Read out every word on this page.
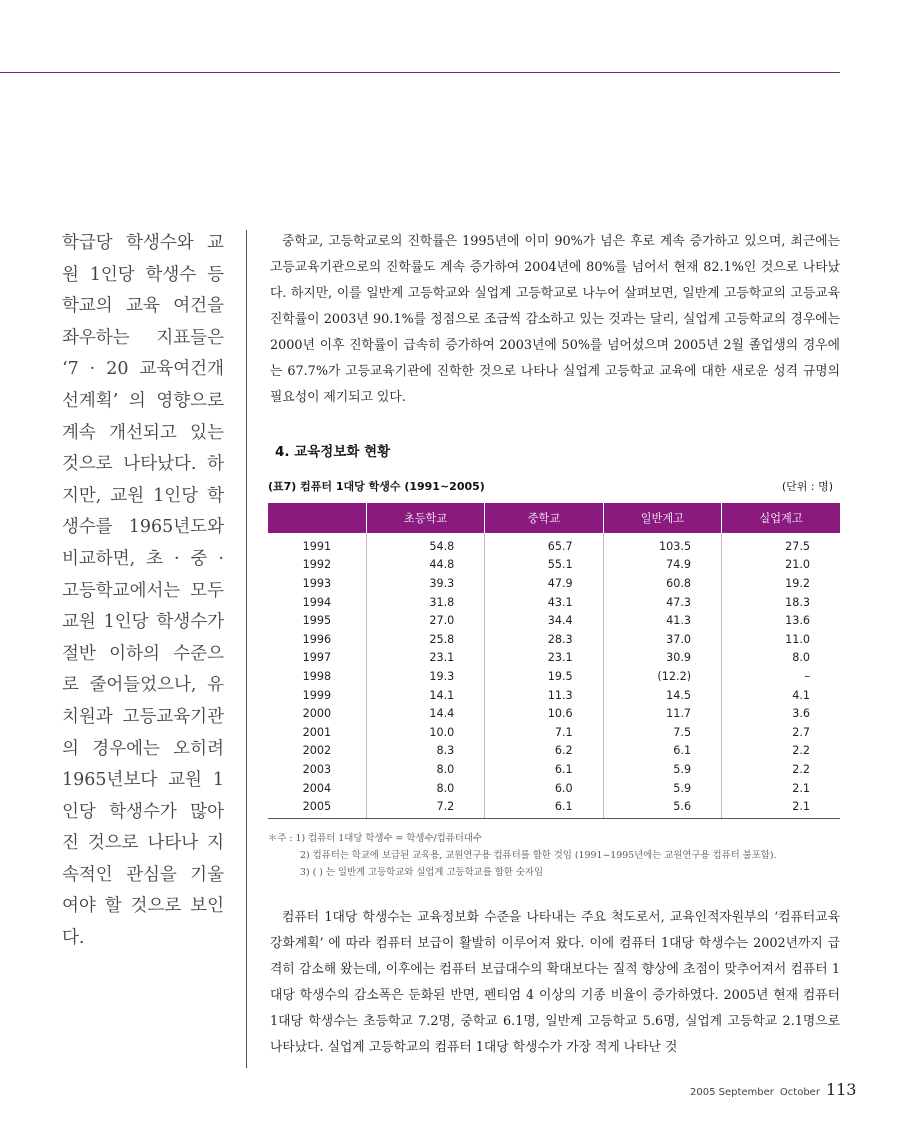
학급당 학생수와 교원 1인당 학생수 등 학교의 교육 여건을 좌우하는 지표들은 ‘7 · 20 교육여건개선계획’ 의 영향으로 계속 개선되고 있는 것으로 나타났다. 하지만, 교원 1인당 학생수를 1965년도와 비교하면, 초 · 중 · 고등학교에서는 모두 교원 1인당 학생수가 절반 이하의 수준으로 줄어들었으나, 유치원과 고등교육기관의 경우에는 오히려 1965년보다 교원 1인당 학생수가 많아진 것으로 나타나 지속적인 관심을 기울여야 할 것으로 보인다.
중학교, 고등학교로의 진학률은 1995년에 이미 90%가 넘은 후로 계속 증가하고 있으며, 최근에는 고등교육기관으로의 진학률도 계속 증가하여 2004년에 80%를 넘어서 현재 82.1%인 것으로 나타났다. 하지만, 이를 일반계 고등학교와 실업계 고등학교로 나누어 살펴보면, 일반계 고등학교의 고등교육 진학률이 2003년 90.1%를 정점으로 조금씩 감소하고 있는 것과는 달리, 실업계 고등학교의 경우에는 2000년 이후 진학률이 급속히 증가하여 2003년에 50%를 넘어섰으며 2005년 2월 졸업생의 경우에는 67.7%가 고등교육기관에 진학한 것으로 나타나 실업계 고등학교 교육에 대한 새로운 성격 규명의 필요성이 제기되고 있다.
4. 교육정보화 현황
(표7) 컴퓨터 1대당 학생수 (1991~2005)	(단위 : 명)
	초등학교	중학교	일반계고	실업계고
1991	54.8	65.7	103.5	27.5
1992	44.8	55.1	74.9	21.0
1993	39.3	47.9	60.8	19.2
1994	31.8	43.1	47.3	18.3
1995	27.0	34.4	41.3	13.6
1996	25.8	28.3	37.0	11.0
1997	23.1	23.1	30.9	8.0
1998	19.3	19.5	(12.2)	–
1999	14.1	11.3	14.5	4.1
2000	14.4	10.6	11.7	3.6
2001	10.0	7.1	7.5	2.7
2002	8.3	6.2	6.1	2.2
2003	8.0	6.1	5.9	2.2
2004	8.0	6.0	5.9	2.1
2005	7.2	6.1	5.6	2.1
＊주 : 1) 컴퓨터 1대당 학생수 = 학생수/컴퓨터대수
2) 컴퓨터는 학교에 보급된 교육용, 교원연구용 컴퓨터를 합한 것임 (1991~1995년에는 교원연구용 컴퓨터 불포함).
3) ( ) 는 일반계 고등학교와 실업계 고등학교를 합한 숫자임
컴퓨터 1대당 학생수는 교육정보화 수준을 나타내는 주요 척도로서, 교육인적자원부의 ‘컴퓨터교육강화계획’ 에 따라 컴퓨터 보급이 활발히 이루어져 왔다. 이에 컴퓨터 1대당 학생수는 2002년까지 급격히 감소해 왔는데, 이후에는 컴퓨터 보급대수의 확대보다는 질적 향상에 초점이 맞추어져서 컴퓨터 1대당 학생수의 감소폭은 둔화된 반면, 펜티엄 4 이상의 기종 비율이 증가하였다. 2005년 현재 컴퓨터 1대당 학생수는 초등학교 7.2명, 중학교 6.1명, 일반계 고등학교 5.6명, 실업계 고등학교 2.1명으로 나타났다. 실업계 고등학교의 컴퓨터 1대당 학생수가 가장 적게 나타난 것
2005 September October 113
